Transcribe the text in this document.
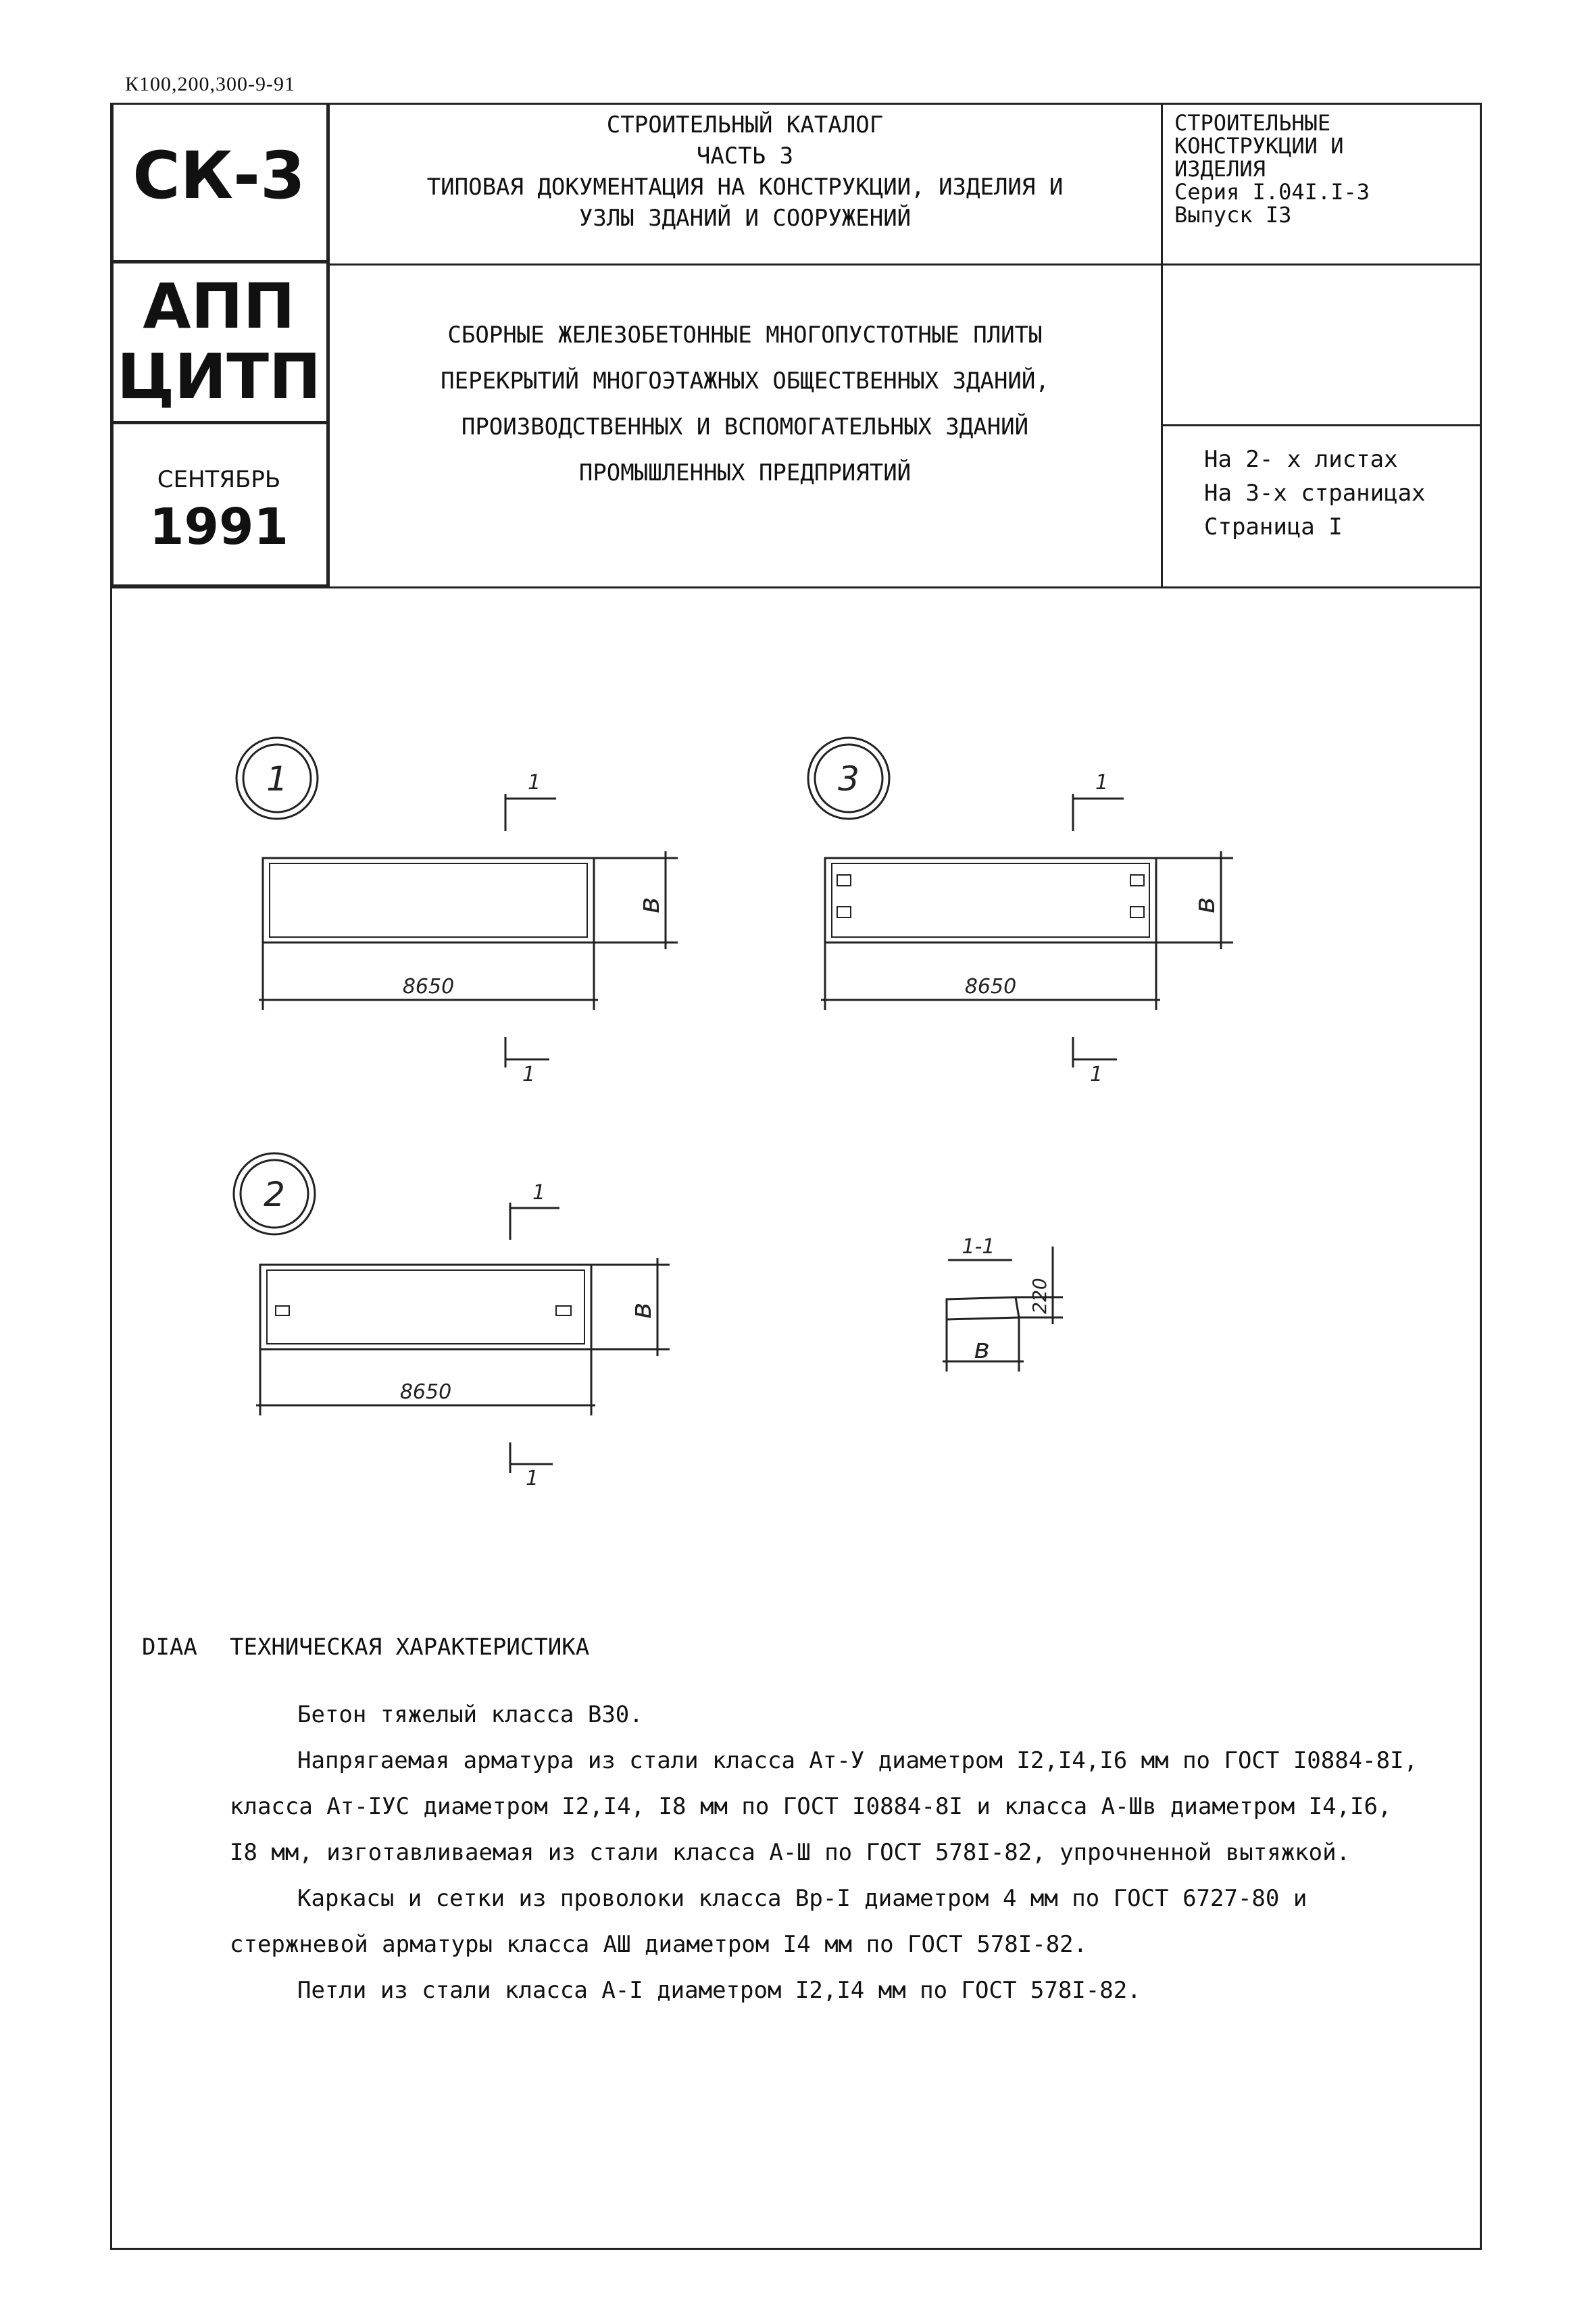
К100,200,300-9-91
СК-3
АПП
ЦИТП
СЕНТЯБРЬ
1991
СТРОИТЕЛЬНЫЙ КАТАЛОГ
ЧАСТЬ 3
ТИПОВАЯ ДОКУМЕНТАЦИЯ НА КОНСТРУКЦИИ, ИЗДЕЛИЯ И
УЗЛЫ ЗДАНИЙ И СООРУЖЕНИЙ
СТРОИТЕЛЬНЫЕ
КОНСТРУКЦИИ И
ИЗДЕЛИЯ
Серия I.04I.I-3
Выпуск I3
СБОРНЫЕ ЖЕЛЕЗОБЕТОННЫЕ МНОГОПУСТОТНЫЕ ПЛИТЫ
ПЕРЕКРЫТИЙ МНОГОЭТАЖНЫХ ОБЩЕСТВЕННЫХ ЗДАНИЙ,
ПРОИЗВОДСТВЕННЫХ И ВСПОМОГАТЕЛЬНЫХ ЗДАНИЙ
ПРОМЫШЛЕННЫХ ПРЕДПРИЯТИЙ	На 2- х листах
На 3-х страницах
Страница I
1
8650
в
1
1
3
8650
в
1
1
2
8650
в
1
1
1-1
220
в
DIAA ТЕХНИЧЕСКАЯ ХАРАКТЕРИСТИКА
Бетон тяжелый класса В30.
Напрягаемая арматура из стали класса Ат-У диаметром I2,I4,I6 мм по ГОСТ I0884-8I,
класса Ат-IУС диаметром I2,I4, I8 мм по ГОСТ I0884-8I и класса А-Шв диаметром I4,I6,
I8 мм, изготавливаемая из стали класса А-Ш по ГОСТ 578I-82, упрочненной вытяжкой.
Каркасы и сетки из проволоки класса Вр-I диаметром 4 мм по ГОСТ 6727-80 и
стержневой арматуры класса АШ диаметром I4 мм по ГОСТ 578I-82.
Петли из стали класса А-I диаметром I2,I4 мм по ГОСТ 578I-82.
